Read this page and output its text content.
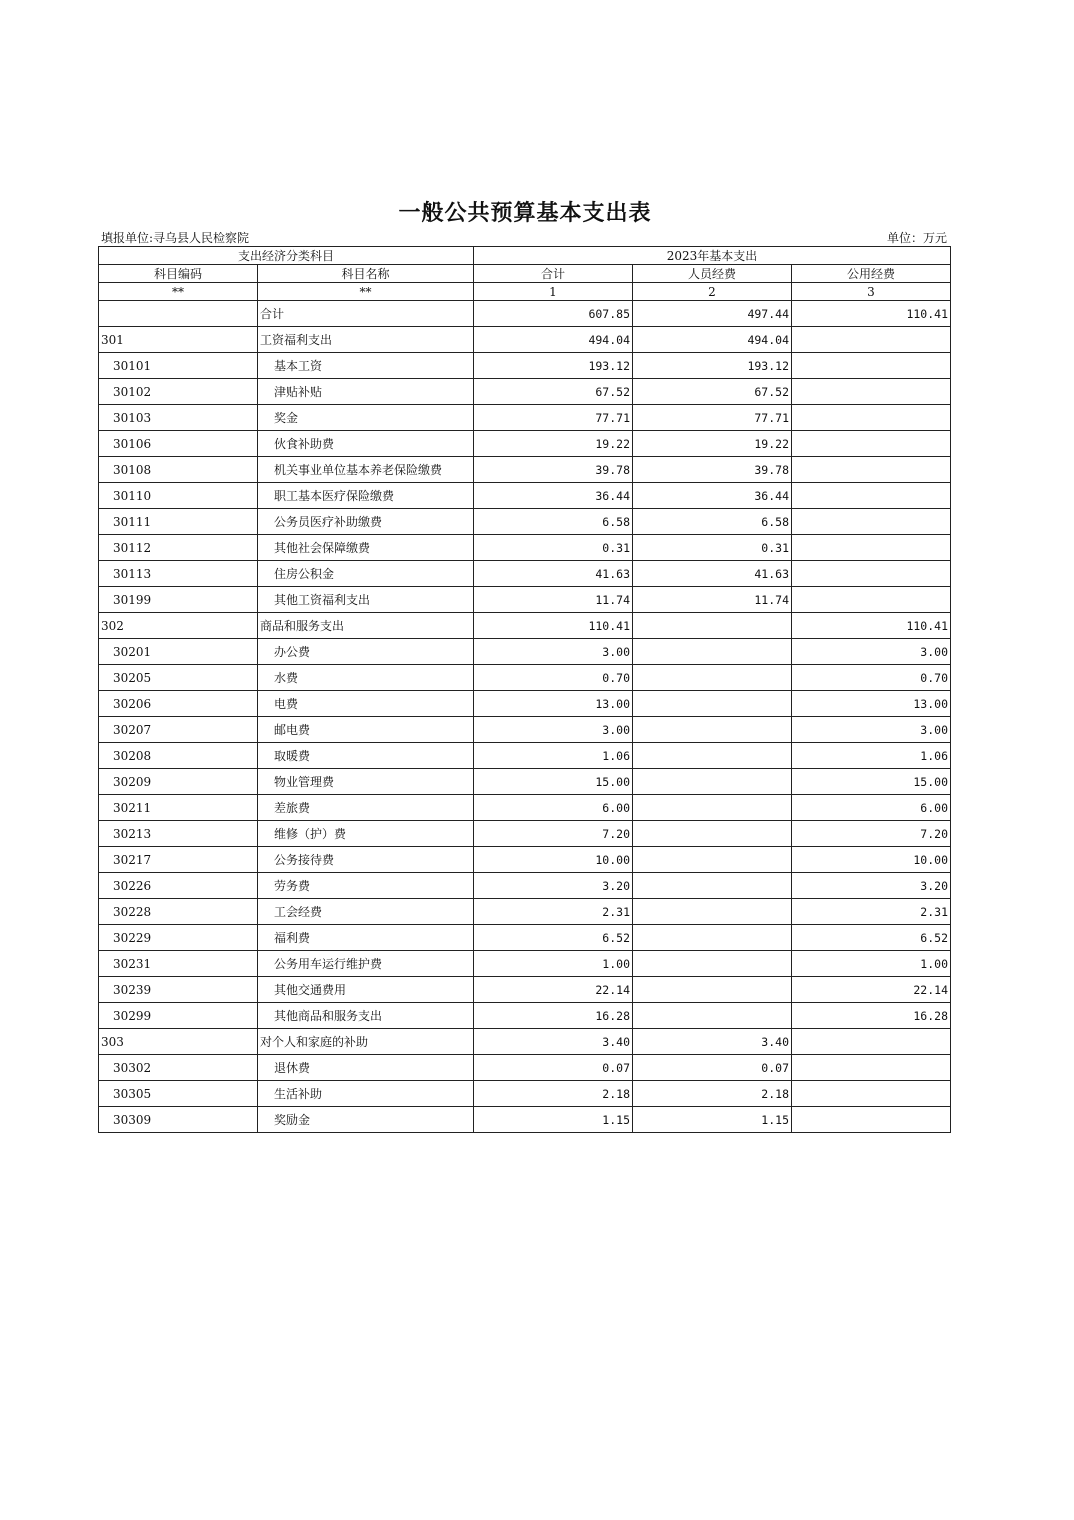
一般公共预算基本支出表
填报单位:寻乌县人民检察院	单位：万元
支出经济分类科目		2023年基本支出		
科目编码	科目名称	合计	人员经费	公用经费
**	**	1	2	3
	合计	607.85	497.44	110.41
301	工资福利支出	494.04	494.04	
30101	基本工资	193.12	193.12	
30102	津贴补贴	67.52	67.52	
30103	奖金	77.71	77.71	
30106	伙食补助费	19.22	19.22	
30108	机关事业单位基本养老保险缴费	39.78	39.78	
30110	职工基本医疗保险缴费	36.44	36.44	
30111	公务员医疗补助缴费	6.58	6.58	
30112	其他社会保障缴费	0.31	0.31	
30113	住房公积金	41.63	41.63	
30199	其他工资福利支出	11.74	11.74	
302	商品和服务支出	110.41		110.41
30201	办公费	3.00		3.00
30205	水费	0.70		0.70
30206	电费	13.00		13.00
30207	邮电费	3.00		3.00
30208	取暖费	1.06		1.06
30209	物业管理费	15.00		15.00
30211	差旅费	6.00		6.00
30213	维修（护）费	7.20		7.20
30217	公务接待费	10.00		10.00
30226	劳务费	3.20		3.20
30228	工会经费	2.31		2.31
30229	福利费	6.52		6.52
30231	公务用车运行维护费	1.00		1.00
30239	其他交通费用	22.14		22.14
30299	其他商品和服务支出	16.28		16.28
303	对个人和家庭的补助	3.40	3.40	
30302	退休费	0.07	0.07	
30305	生活补助	2.18	2.18	
30309	奖励金	1.15	1.15	
